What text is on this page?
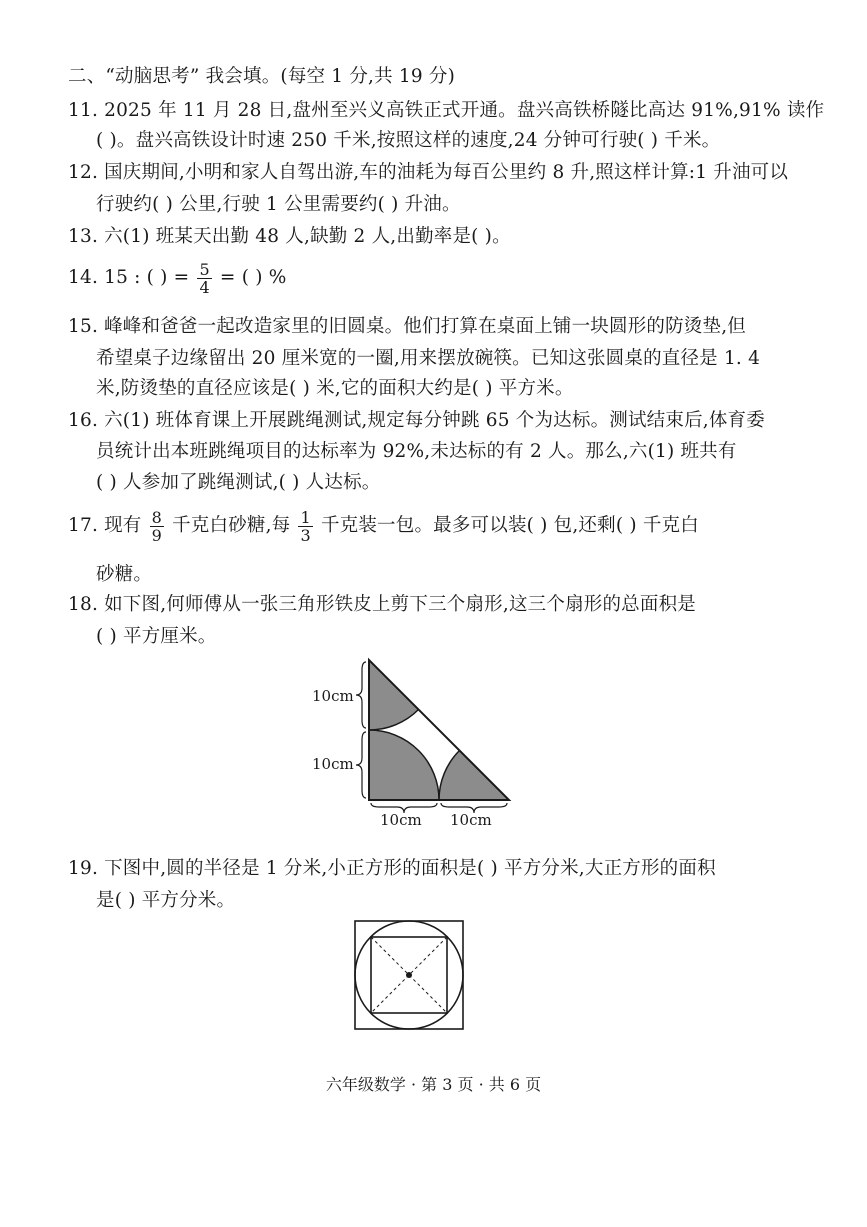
二、“动脑思考” 我会填。(每空 1 分,共 19 分)
11. 2025 年 11 月 28 日,盘州至兴义高铁正式开通。盘兴高铁桥隧比高达 91%,91% 读作
( )。盘兴高铁设计时速 250 千米,按照这样的速度,24 分钟可行驶( ) 千米。
12. 国庆期间,小明和家人自驾出游,车的油耗为每百公里约 8 升,照这样计算:1 升油可以
行驶约( ) 公里,行驶 1 公里需要约( ) 升油。
13. 六(1) 班某天出勤 48 人,缺勤 2 人,出勤率是( )。
14. 15 : ( ) = $\frac{5}{4}$ = ( ) %
15. 峰峰和爸爸一起改造家里的旧圆桌。他们打算在桌面上铺一块圆形的防烫垫,但
希望桌子边缘留出 20 厘米宽的一圈,用来摆放碗筷。已知这张圆桌的直径是 1. 4
米,防烫垫的直径应该是( ) 米,它的面积大约是( ) 平方米。
16. 六(1) 班体育课上开展跳绳测试,规定每分钟跳 65 个为达标。测试结束后,体育委
员统计出本班跳绳项目的达标率为 92%,未达标的有 2 人。那么,六(1) 班共有
( ) 人参加了跳绳测试,( ) 人达标。
17. 现有 $\frac{8}{9}$ 千克白砂糖,每 $\frac{1}{3}$ 千克装一包。最多可以装( ) 包,还剩( ) 千克白
砂糖。
18. 如下图,何师傅从一张三角形铁皮上剪下三个扇形,这三个扇形的总面积是
( ) 平方厘米。
10cm
10cm
10cm 10cm
19. 下图中,圆的半径是 1 分米,小正方形的面积是( ) 平方分米,大正方形的面积
是( ) 平方分米。
六年级数学 · 第 3 页 · 共 6 页
